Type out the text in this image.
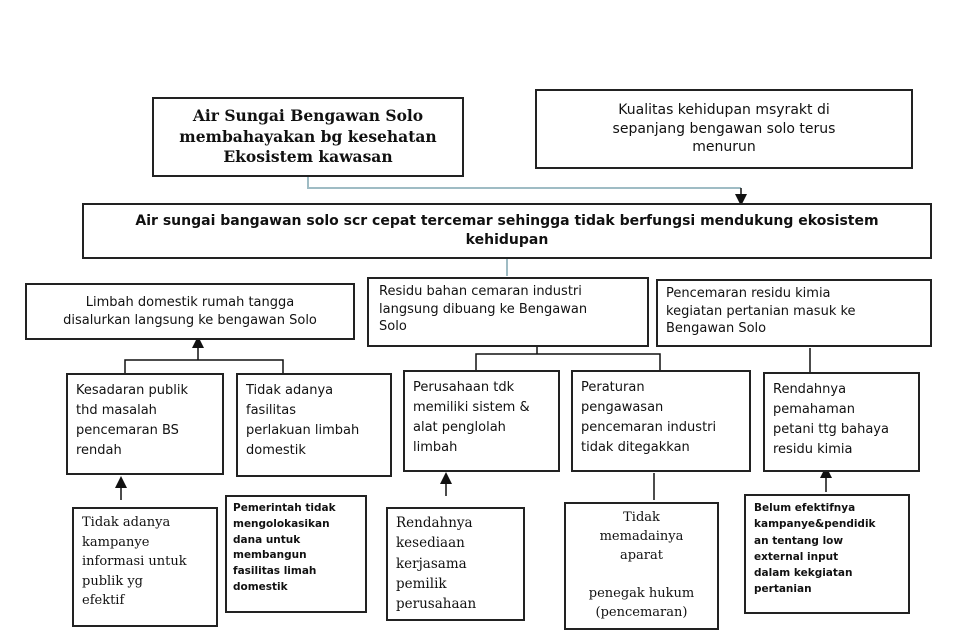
Air Sungai Bengawan Solo
membahayakan bg kesehatan
Ekosistem kawasan
Kualitas kehidupan msyrakt di
sepanjang bengawan solo terus
menurun
Air sungai bangawan solo scr cepat tercemar sehingga tidak berfungsi mendukung ekosistem
kehidupan
Limbah domestik rumah tangga
disalurkan langsung ke bengawan Solo
Residu bahan cemaran industri
langsung dibuang ke Bengawan
Solo
Pencemaran residu kimia
kegiatan pertanian masuk ke
Bengawan Solo
Kesadaran publik
thd masalah
pencemaran BS
rendah
Tidak adanya
fasilitas
perlakuan limbah
domestik
Perusahaan tdk
memiliki sistem &
alat penglolah
limbah
Peraturan
pengawasan
pencemaran industri
tidak ditegakkan
Rendahnya
pemahaman
petani ttg bahaya
residu kimia
Tidak adanya
kampanye
informasi untuk
publik yg
efektif
Pemerintah tidak
mengolokasikan
dana untuk
membangun
fasilitas limah
domestik
Rendahnya
kesediaan
kerjasama
pemilik
perusahaan
Tidak
memadainya
aparat

penegak hukum
(pencemaran)
Belum efektifnya
kampanye&pendidik
an tentang low
external input
dalam kekgiatan
pertanian
